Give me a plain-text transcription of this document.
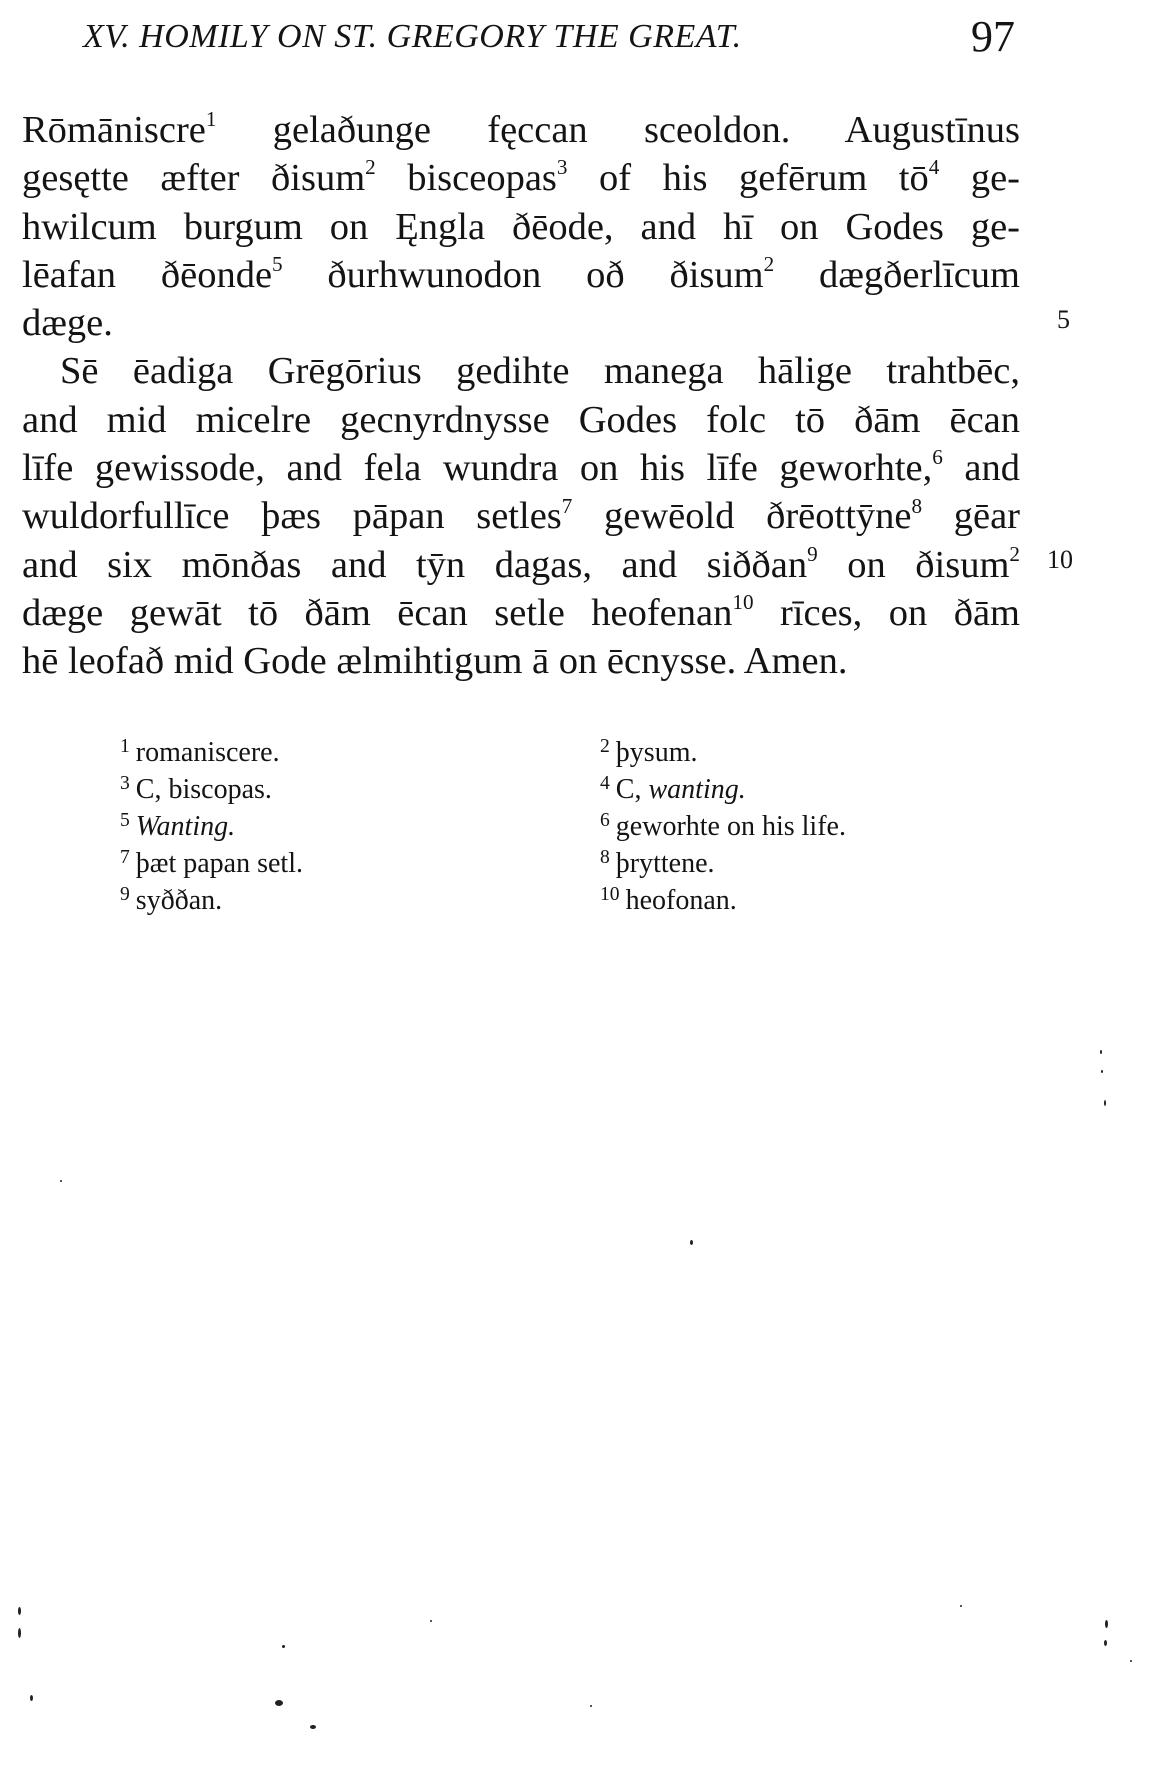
XV. HOMILY ON ST. GREGORY THE GREAT.	97
Rōmāniscre$^1$ gelaðunge fęccan sceoldon. Augustīnus
gesętte æfter ðisum$^2$ bisceopas$^3$ of his gefērum $tō^4$ ge-
hwilcum burgum on Ęngla ðēode, and hī on Godes ge-
lēafan ðēonde$^5$ ðurhwunodon oð ðisum$^2$ dægðerlīcum
dæge.
Sē ēadiga Grēgōrius gedihte manega hālige trahtbēc,
and mid micelre gecnyrdnysse Godes folc tō ðām ēcan
līfe gewissode, and fela wundra on his līfe geworhte,$^6$ and
wuldorfullīce þæs pāpan setles$^7$ gewēold ðrēottȳne$^8$ gēar
and six mōnðas and tȳn dagas, and siððan$^9$ on ðisum$^2$
dæge gewāt tō ðām ēcan setle heofenan$^{10}$ rīces, on ðām
hē leofað mid Gode ælmihtigum ā on ēcnysse. Amen.
5
10
$^1$ romaniscere.
$^3$ C, biscopas.
$^5$ Wanting.
$^7$ þæt papan setl.
$^9$ syððan.
$^2$ þysum.
$^4$ C, wanting.
$^6$ geworhte on his life.
$^8$ þryttene.
$^{10}$ heofonan.
